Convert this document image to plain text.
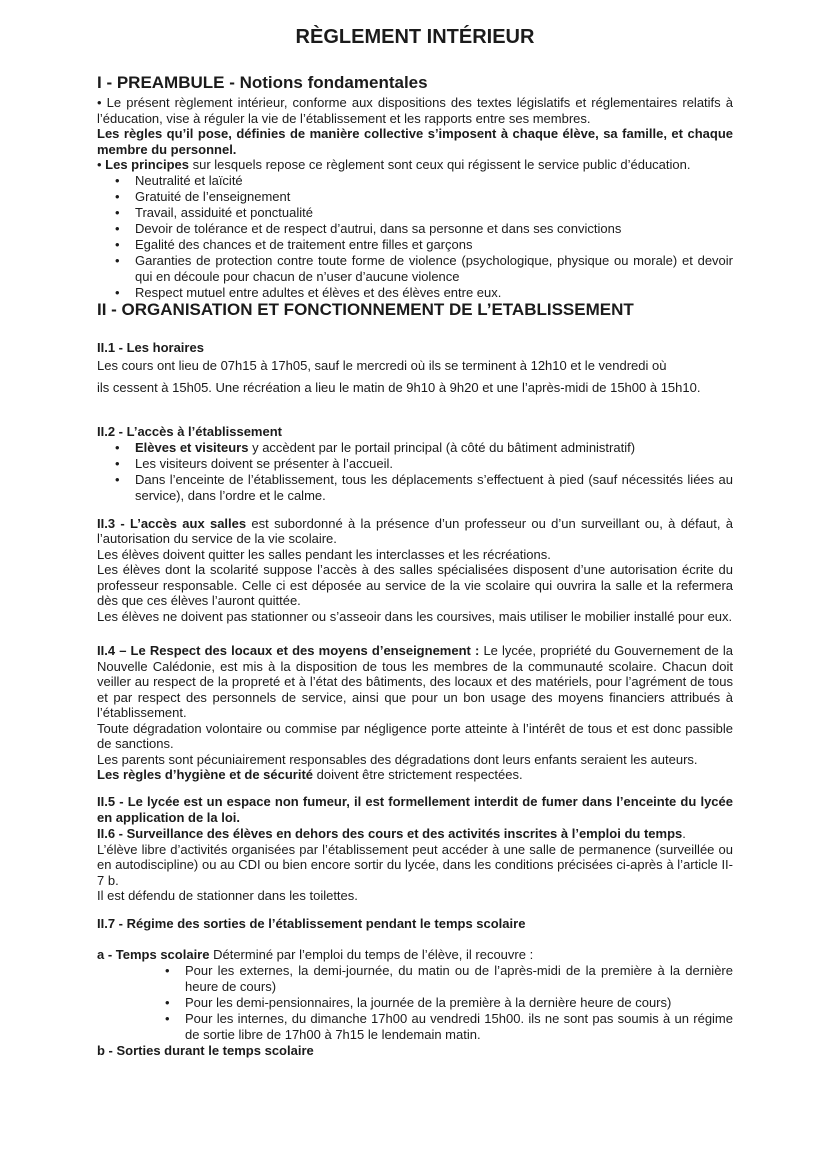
RÈGLEMENT INTÉRIEUR
I - PREAMBULE - Notions fondamentales

• Le présent règlement intérieur, conforme aux dispositions des textes législatifs et réglementaires relatifs à l’éducation, vise à réguler la vie de l’établissement et les rapports entre ses membres.

Les règles qu’il pose, définies de manière collective s’imposent à chaque élève, sa famille, et chaque membre du personnel.

• Les principes sur lesquels repose ce règlement sont ceux qui régissent le service public d’éducation.

• Neutralité et laïcité
• Gratuité de l’enseignement
• Travail, assiduité et ponctualité
• Devoir de tolérance et de respect d’autrui, dans sa personne et dans ses convictions
• Egalité des chances et de traitement entre filles et garçons
• Garanties de protection contre toute forme de violence (psychologique, physique ou morale) et devoir qui en découle pour chacun de n’user d’aucune violence
• Respect mutuel entre adultes et élèves et des élèves entre eux.
II - ORGANISATION ET FONCTIONNEMENT DE L’ETABLISSEMENT

II.1 - Les horaires

Les cours ont lieu de 07h15 à 17h05, sauf le mercredi où ils se terminent à 12h10 et le vendredi où
ils cessent à 15h05. Une récréation a lieu le matin de 9h10 à 9h20 et une l’après-midi de 15h00 à 15h10.

II.2 - L’accès à l’établissement

• Elèves et visiteurs y accèdent par le portail principal (à côté du bâtiment administratif)
• Les visiteurs doivent se présenter à l’accueil.
• Dans l’enceinte de l’établissement, tous les déplacements s’effectuent à pied (sauf nécessités liées au service), dans l’ordre et le calme.

II.3 - L’accès aux salles est subordonné à la présence d’un professeur ou d’un surveillant ou, à défaut, à l’autorisation du service de la vie scolaire.

Les élèves doivent quitter les salles pendant les interclasses et les récréations.

Les élèves dont la scolarité suppose l’accès à des salles spécialisées disposent d’une autorisation écrite du professeur responsable. Celle ci est déposée au service de la vie scolaire qui ouvrira la salle et la refermera dès que ces élèves l’auront quittée.

Les élèves ne doivent pas stationner ou s’asseoir dans les coursives, mais utiliser le mobilier installé pour eux.

II.4 – Le Respect des locaux et des moyens d’enseignement : Le lycée, propriété du Gouvernement de la Nouvelle Calédonie, est mis à la disposition de tous les membres de la communauté scolaire. Chacun doit veiller au respect de la propreté et à l’état des bâtiments, des locaux et des matériels, pour l’agrément de tous et par respect des personnels de service, ainsi que pour un bon usage des moyens financiers attribués à l’établissement.

Toute dégradation volontaire ou commise par négligence porte atteinte à l’intérêt de tous et est donc passible de sanctions.

Les parents sont pécuniairement responsables des dégradations dont leurs enfants seraient les auteurs.

Les règles d’hygiène et de sécurité doivent être strictement respectées.

II.5 - Le lycée est un espace non fumeur, il est formellement interdit de fumer dans l’enceinte du lycée en application de la loi.

II.6 - Surveillance des élèves en dehors des cours et des activités inscrites à l’emploi du temps.

L’élève libre d’activités organisées par l’établissement peut accéder à une salle de permanence (surveillée ou en autodiscipline) ou au CDI ou bien encore sortir du lycée, dans les conditions précisées ci-après à l’article II-7 b.

Il est défendu de stationner dans les toilettes.

II.7 - Régime des sorties de l’établissement pendant le temps scolaire

a - Temps scolaire Déterminé par l’emploi du temps de l’élève, il recouvre :

• Pour les externes, la demi-journée, du matin ou de l’après-midi de la première à la dernière heure de cours)
• Pour les demi-pensionnaires, la journée de la première à la dernière heure de cours)
• Pour les internes, du dimanche 17h00 au vendredi 15h00. ils ne sont pas soumis à un régime de sortie libre de 17h00 à 7h15 le lendemain matin.

b - Sorties durant le temps scolaire
